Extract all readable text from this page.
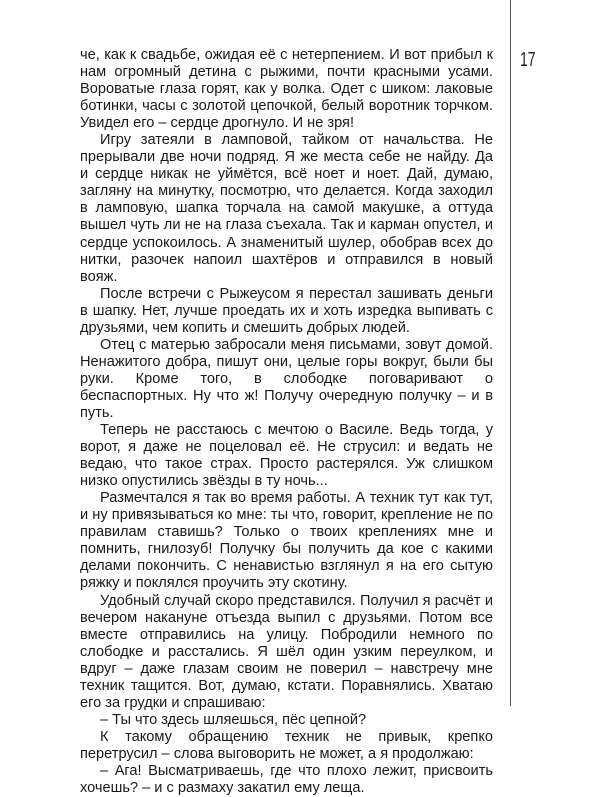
че, как к свадьбе, ожидая её с нетерпением. И вот прибыл к нам огромный детина с рыжими, почти красными усами. Вороватые глаза горят, как у волка. Одет с шиком: лаковые ботинки, часы с золотой цепочкой, белый воротник торчком. Увидел его – сердце дрогнуло. И не зря!

Игру затеяли в ламповой, тайком от начальства. Не прерывали две ночи подряд. Я же места себе не найду. Да и сердце никак не уймётся, всё ноет и ноет. Дай, думаю, загляну на минутку, посмотрю, что делается. Когда заходил в ламповую, шапка торчала на самой макушке, а оттуда вышел чуть ли не на глаза съехала. Так и карман опустел, и сердце успокоилось. А знаменитый шулер, обобрав всех до нитки, разочек напоил шахтёров и отправился в новый вояж.

После встречи с Рыжеусом я перестал зашивать деньги в шапку. Нет, лучше проедать их и хоть изредка выпивать с друзьями, чем копить и смешить добрых людей.

Отец с матерью забросали меня письмами, зовут домой. Ненажитого добра, пишут они, целые горы вокруг, были бы руки. Кроме того, в слободке поговаривают о беспаспортных. Ну что ж! Получу очередную получку – и в путь.

Теперь не расстаюсь с мечтою о Василе. Ведь тогда, у ворот, я даже не поцеловал её. Не струсил: и ведать не ведаю, что такое страх. Просто растерялся. Уж слишком низко опустились звёзды в ту ночь...

Размечтался я так во время работы. А техник тут как тут, и ну привязываться ко мне: ты что, говорит, крепление не по правилам ставишь? Только о твоих креплениях мне и помнить, гнилозуб! Получку бы получить да кое с какими делами покончить. С ненавистью взглянул я на его сытую ряжку и поклялся проучить эту скотину.

Удобный случай скоро представился. Получил я расчёт и вечером накануне отъезда выпил с друзьями. Потом все вместе отправились на улицу. Побродили немного по слободке и расстались. Я шёл один узким переулком, и вдруг – даже глазам своим не поверил – навстречу мне техник тащится. Вот, думаю, кстати. Поравнялись. Хватаю его за грудки и спрашиваю:

– Ты что здесь шляешься, пёс цепной?

К такому обращению техник не привык, крепко перетрусил – слова выговорить не может, а я продолжаю:

– Ага! Высматриваешь, где что плохо лежит, присвоить хочешь? – и с размаху закатил ему леща.

17
